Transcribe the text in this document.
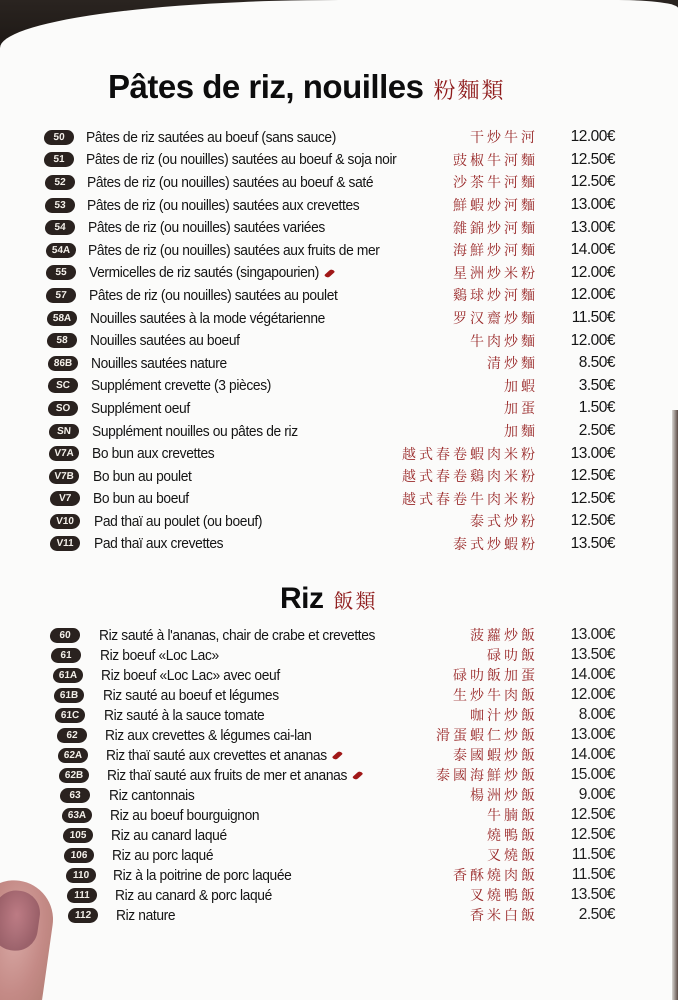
Pâtes de riz, nouilles 粉麵類
50	Pâtes de riz sautées au boeuf (sans sauce)	干炒牛河 12.00€
51	Pâtes de riz (ou nouilles) sautées au boeuf & soja noir	豉椒牛河麵 12.50€
52	Pâtes de riz (ou nouilles) sautées au boeuf & saté	沙茶牛河麵 12.50€
53	Pâtes de riz (ou nouilles) sautées aux crevettes	鮮蝦炒河麵 13.00€
54	Pâtes de riz (ou nouilles) sautées variées	雜錦炒河麵 13.00€
54A	Pâtes de riz (ou nouilles) sautées aux fruits de mer	海鮮炒河麵 14.00€
55	Vermicelles de riz sautés (singapourien)	星洲炒米粉 12.00€
57	Pâtes de riz (ou nouilles) sautées au poulet	鷄球炒河麵 12.00€
58A	Nouilles sautées à la mode végétarienne	罗汉齋炒麵 11.50€
58	Nouilles sautées au boeuf	牛肉炒麵 12.00€
86B	Nouilles sautées nature	清炒麵	8.50€
SC	Supplément crevette (3 pièces)	加蝦	3.50€
SO	Supplément oeuf	加蛋	1.50€
SN	Supplément nouilles ou pâtes de riz	加麵	2.50€
V7A	Bo bun aux crevettes	越式春卷蝦肉米粉 13.00€
V7B	Bo bun au poulet	越式春卷鷄肉米粉 12.50€
V7	Bo bun au boeuf	越式春卷牛肉米粉 12.50€
V10	Pad thaï au poulet (ou boeuf)	泰式炒粉 12.50€
V11	Pad thaï aux crevettes	泰式炒蝦粉 13.50€
Riz 飯類
60	Riz sauté à l'ananas, chair de crabe et crevettes	菠蘿炒飯 13.00€
61	Riz boeuf «Loc Lac»	碌叻飯 13.50€
61A	Riz boeuf «Loc Lac» avec oeuf	碌叻飯加蛋 14.00€
61B	Riz sauté au boeuf et légumes	生炒牛肉飯 12.00€
61C	Riz sauté à la sauce tomate	咖汁炒飯	8.00€
62	Riz aux crevettes & légumes cai-lan	滑蛋蝦仁炒飯 13.00€
62A	Riz thaï sauté aux crevettes et ananas	泰國蝦炒飯 14.00€
62B	Riz thaï sauté aux fruits de mer et ananas	泰國海鮮炒飯 15.00€
63	Riz cantonnais	楊洲炒飯	9.00€
63A	Riz au boeuf bourguignon	牛腩飯 12.50€
105	Riz au canard laqué	燒鴨飯 12.50€
106	Riz au porc laqué	叉燒飯 11.50€
110	Riz à la poitrine de porc laquée	香酥燒肉飯 11.50€
111	Riz au canard & porc laqué	叉燒鴨飯 13.50€
112	Riz nature	香米白飯	2.50€
